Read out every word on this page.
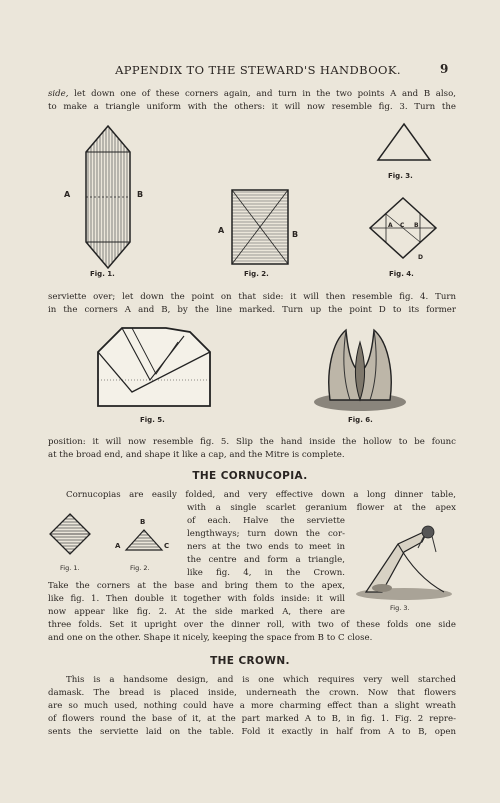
APPENDIX TO THE STEWARD'S HANDBOOK.	9
side, let down one of these corners again, and turn in the two points A and B also,
to make a triangle uniform with the others: it will now resemble fig. 3. Turn the
A	B
Fig. 1.
A	B
Fig. 2.
Fig. 3.
A C B
D
Fig. 4.
serviette over; let down the point on that side: it will then resemble fig. 4. Turn
in the corners A and B, by the line marked. Turn up the point D to its former
Fig. 5.	Fig. 6.
position: it will now resemble fig. 5. Slip the hand inside the hollow to be founc
at the broad end, and shape it like a cap, and the Mitre is complete.
THE CORNUCOPIA.
Cornucopias are easily folded, and very effective down a long dinner table,
with a single scarlet geranium flower at the apex
of each. Halve the serviette
lengthways; turn down the cor-
ners at the two ends to meet in
the centre and form a triangle,
like fig. 4, in the Crown.
Take the corners at the base and bring them to the apex,
like fig. 1. Then double it together with folds inside: it will
now appear like fig. 2. At the side marked A, there are
three folds. Set it upright over the dinner roll, with two of these folds one side
and one on the other. Shape it nicely, keeping the space from B to C close.
Fig. 1.
B
A	C
Fig. 2.
Fig. 3.
THE CROWN.
This is a handsome design, and is one which requires very well starched
damask. The bread is placed inside, underneath the crown. Now that flowers
are so much used, nothing could have a more charming effect than a slight wreath
of flowers round the base of it, at the part marked A to B, in fig. 1. Fig. 2 repre-
sents the serviette laid on the table. Fold it exactly in half from A to B, open
